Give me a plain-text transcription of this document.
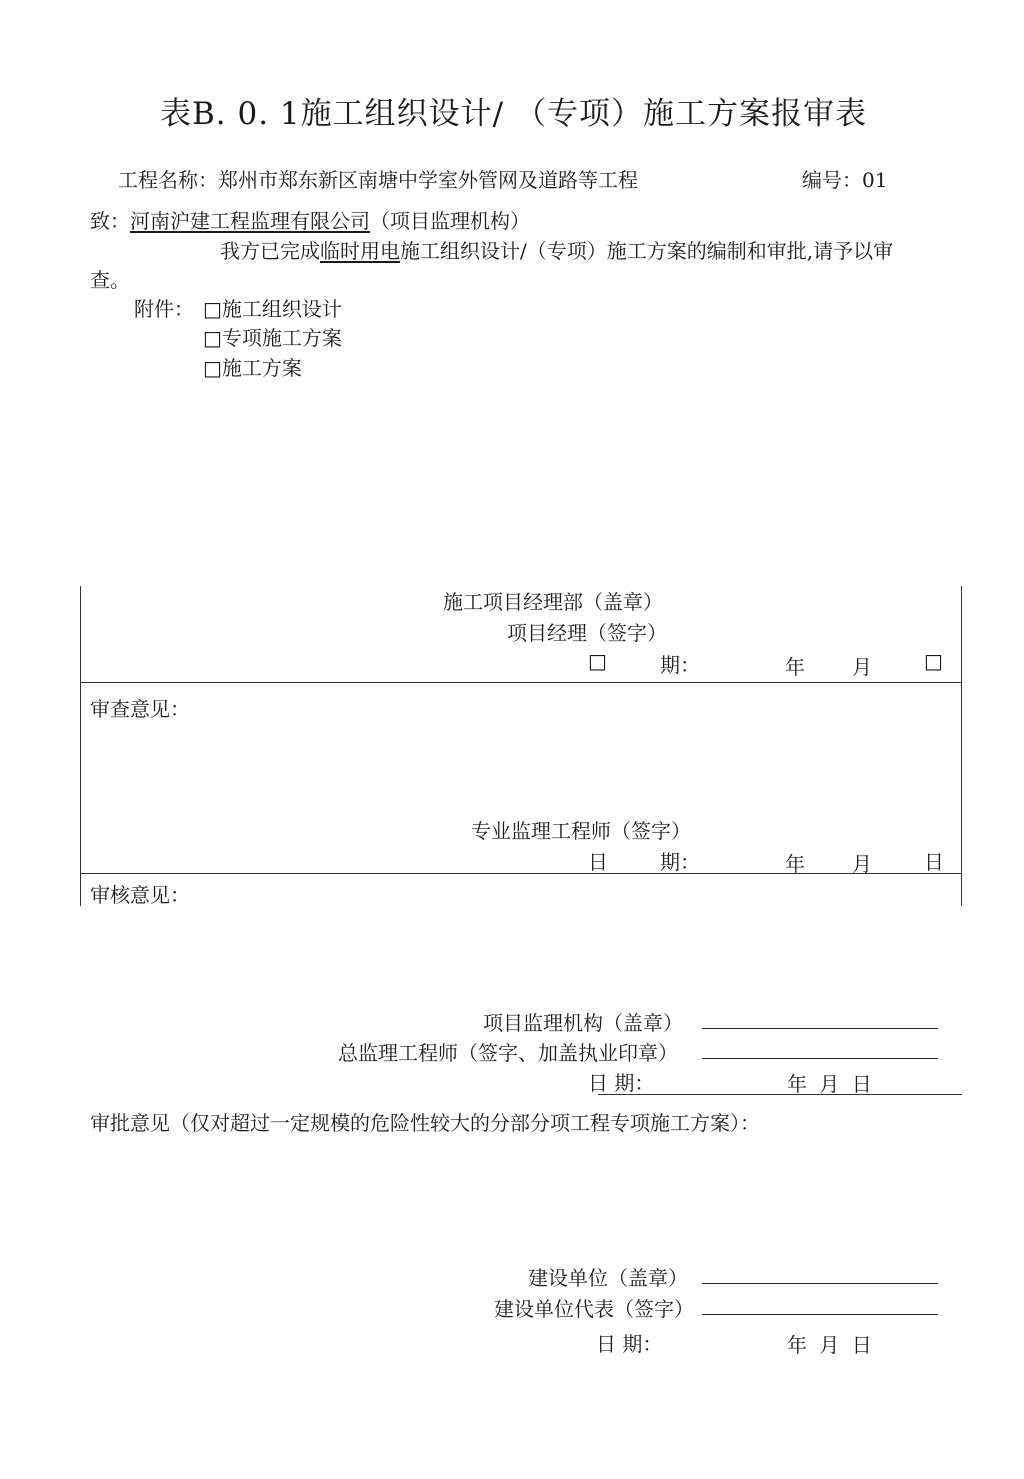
表B. 0. 1施工组织设计/ （专项）施工方案报审表
工程名称：郑州市郑东新区南塘中学室外管网及道路等工程	编号：01
致：河南沪建工程监理有限公司（项目监理机构）
我方已完成临时用电施工组织设计/（专项）施工方案的编制和审批,请予以审
查。
附件： □施工组织设计
□专项施工方案
□施工方案
施工项目经理部（盖章）
项目经理（签字）
□	期：	年 月	□
审查意见：
专业监理工程师（签字）
日	期：	年 月	日
审核意见：
项目监理机构（盖章）
总监理工程师（签字、加盖执业印章）
日 期：	年 月 日
审批意见（仅对超过一定规模的危险性较大的分部分项工程专项施工方案）：
建设单位（盖章）
建设单位代表（签字）
日 期：	年 月 日
